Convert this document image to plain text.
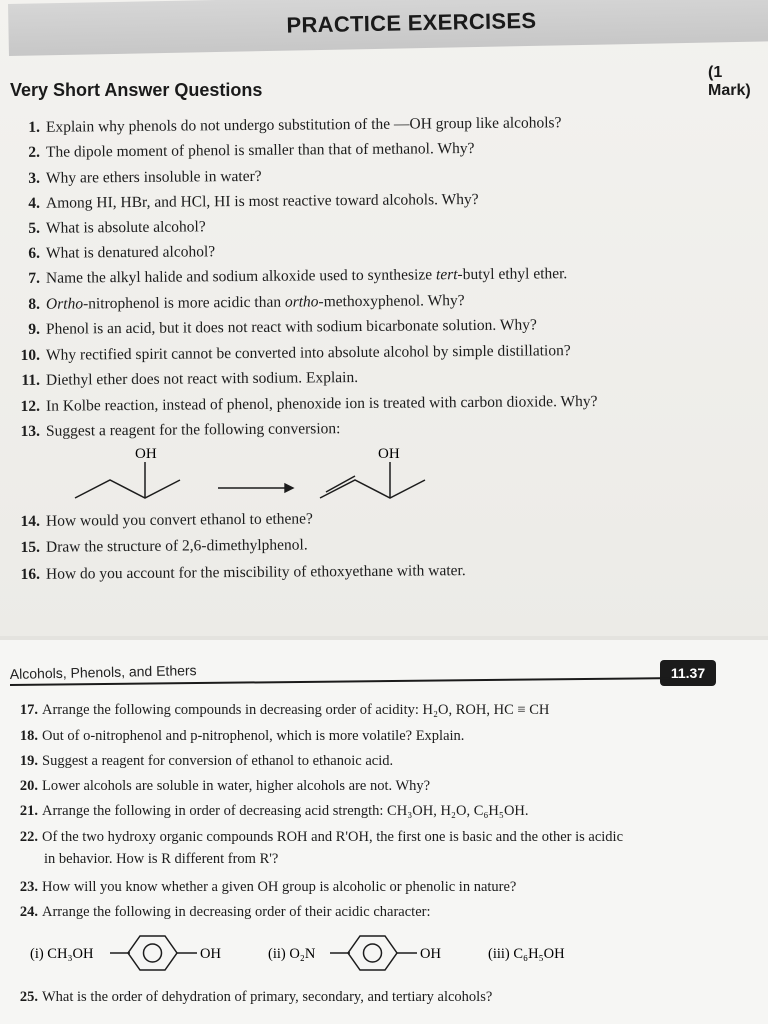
PRACTICE EXERCISES
Very Short Answer Questions
(1 Mark)
1. Explain why phenols do not undergo substitution of the —OH group like alcohols?
2. The dipole moment of phenol is smaller than that of methanol. Why?
3. Why are ethers insoluble in water?
4. Among HI, HBr, and HCl, HI is most reactive toward alcohols. Why?
5. What is absolute alcohol?
6. What is denatured alcohol?
7. Name the alkyl halide and sodium alkoxide used to synthesize tert-butyl ethyl ether.
8. Ortho-nitrophenol is more acidic than ortho-methoxyphenol. Why?
9. Phenol is an acid, but it does not react with sodium bicarbonate solution. Why?
10. Why rectified spirit cannot be converted into absolute alcohol by simple distillation?
11. Diethyl ether does not react with sodium. Explain.
12. In Kolbe reaction, instead of phenol, phenoxide ion is treated with carbon dioxide. Why?
13. Suggest a reagent for the following conversion:
OH	OH
14. How would you convert ethanol to ethene?
15. Draw the structure of 2,6-dimethylphenol.
16. How do you account for the miscibility of ethoxyethane with water.
Alcohols, Phenols, and Ethers	11.37
17. Arrange the following compounds in decreasing order of acidity: H₂O, ROH, HC ≡ CH
18. Out of o-nitrophenol and p-nitrophenol, which is more volatile? Explain.
19. Suggest a reagent for conversion of ethanol to ethanoic acid.
20. Lower alcohols are soluble in water, higher alcohols are not. Why?
21. Arrange the following in order of decreasing acid strength: CH₃OH, H₂O, C₆H₅OH.
22. Of the two hydroxy organic compounds ROH and R'OH, the first one is basic and the other is acidic
in behavior. How is R different from R'?
23. How will you know whether a given OH group is alcoholic or phenolic in nature?
24. Arrange the following in decreasing order of their acidic character:
(i) CH₃OH	OH	(ii) O₂N	OH	(iii) C₆H₅OH
25. What is the order of dehydration of primary, secondary, and tertiary alcohols?
